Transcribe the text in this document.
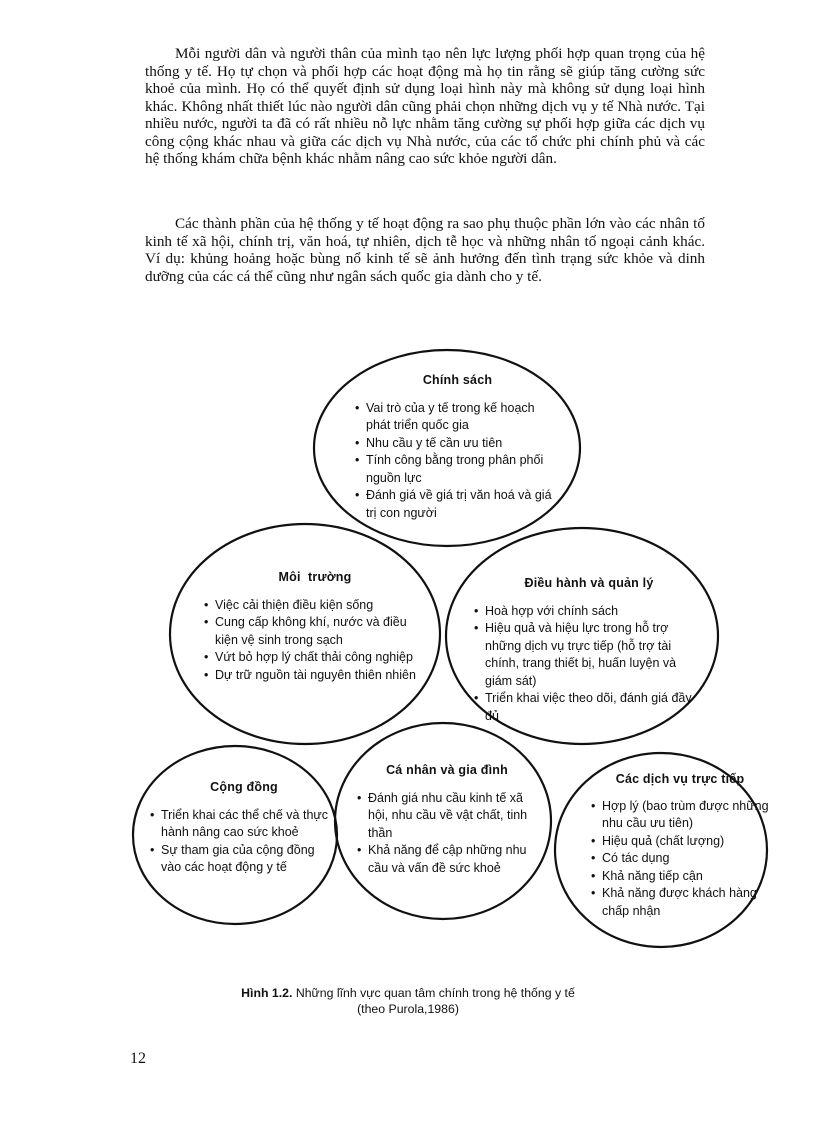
Mỗi người dân và người thân của mình tạo nên lực lượng phối hợp quan trọng của hệ thống y tế. Họ tự chọn và phối hợp các hoạt động mà họ tin rằng sẽ giúp tăng cường sức khoẻ của mình. Họ có thể quyết định sử dụng loại hình này mà không sử dụng loại hình khác. Không nhất thiết lúc nào người dân cũng phải chọn những dịch vụ y tế Nhà nước. Tại nhiều nước, người ta đã có rất nhiều nỗ lực nhằm tăng cường sự phối hợp giữa các dịch vụ công cộng khác nhau và giữa các dịch vụ Nhà nước, của các tổ chức phi chính phủ và các hệ thống khám chữa bệnh khác nhằm nâng cao sức khỏe người dân.

Các thành phần của hệ thống y tế hoạt động ra sao phụ thuộc phần lớn vào các nhân tố kinh tế xã hội, chính trị, văn hoá, tự nhiên, dịch tễ học và những nhân tố ngoại cảnh khác. Ví dụ: khủng hoảng hoặc bùng nổ kinh tế sẽ ảnh hưởng đến tình trạng sức khỏe và dinh dưỡng của các cá thể cũng như ngân sách quốc gia dành cho y tế.

Chính sách
• Vai trò của y tế trong kế hoạch phát triển quốc gia
• Nhu cầu y tế cần ưu tiên
• Tính công bằng trong phân phối nguồn lực
• Đánh giá về giá trị văn hoá và giá trị con người
Môi  trường
• Việc cải thiện điều kiện sống
• Cung cấp không khí, nước và điều kiện vệ sinh trong sạch
• Vứt bỏ hợp lý chất thải công nghiệp
• Dự trữ nguồn tài nguyên thiên nhiên
Điều hành và quản lý
• Hoà hợp với chính sách
• Hiệu quả và hiệu lực trong hỗ trợ những dịch vụ trực tiếp (hỗ trợ tài chính, trang thiết bị, huấn luyện và giám sát)
• Triển khai việc theo dõi, đánh giá đầy đủ
Cộng đồng
• Triển khai các thể chế và thực hành nâng cao sức khoẻ
• Sự tham gia của cộng đồng vào các hoạt động y tế
Cá nhân và gia đình
• Đánh giá nhu cầu kinh tế xã hội, nhu cầu về vật chất, tinh thần
• Khả năng để cập những nhu cầu và vấn đề sức khoẻ
Các dịch vụ trực tiếp
• Hợp lý (bao trùm được những nhu cầu ưu tiên)
• Hiệu quả (chất lượng)
• Có tác dụng
• Khả năng tiếp cận
• Khả năng được khách hàng chấp nhận
Hình 1.2. Những lĩnh vực quan tâm chính trong hệ thống y tế
(theo Purola,1986)
12
